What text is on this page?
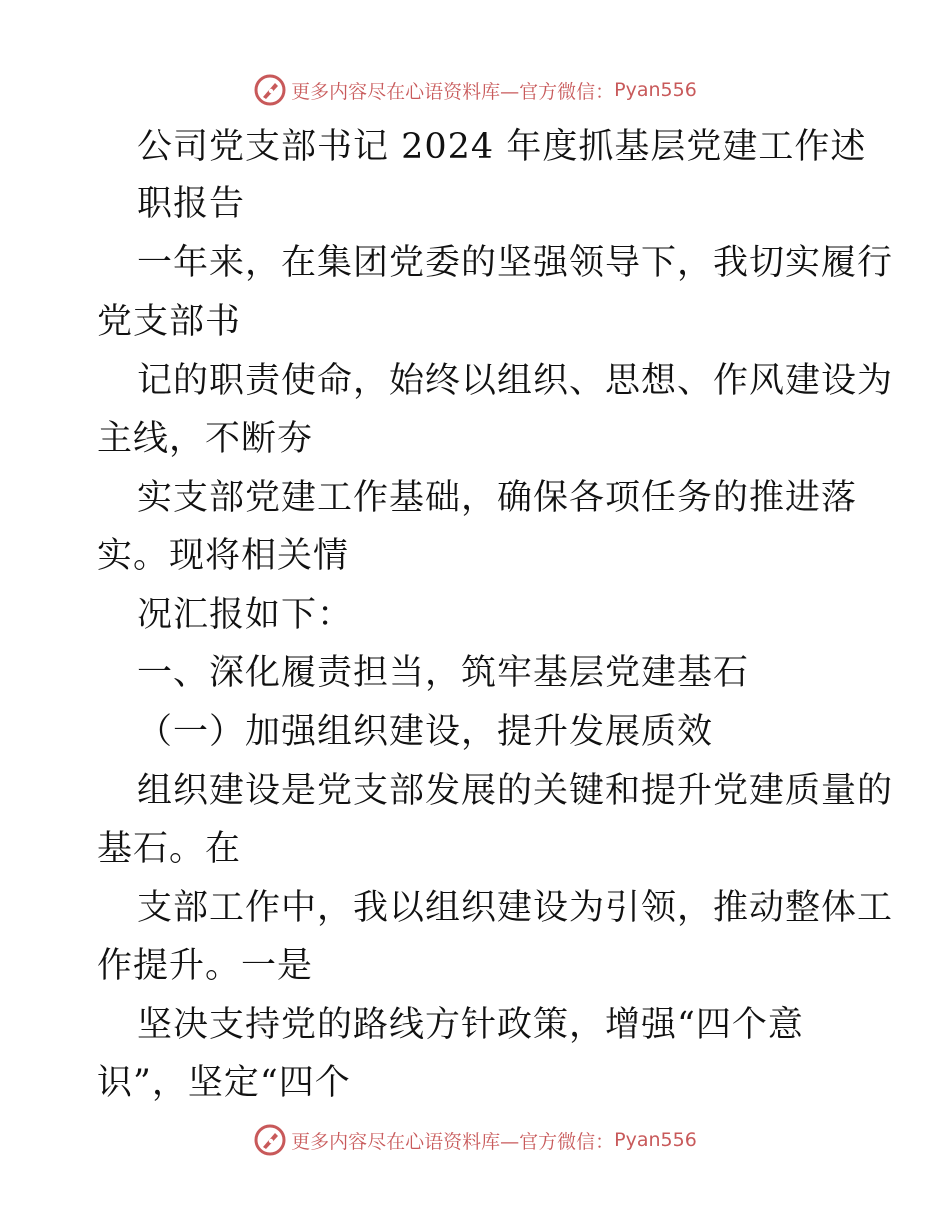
更多内容尽在心语资料库—官方微信： Pyan556
公司党支部书记 2024 年度抓基层党建工作述
职报告
一年来，在集团党委的坚强领导下，我切实履行
党支部书
记的职责使命，始终以组织、思想、作风建设为
主线，不断夯
实支部党建工作基础，确保各项任务的推进落
实。现将相关情
况汇报如下：
一、深化履责担当，筑牢基层党建基石
（一）加强组织建设，提升发展质效
组织建设是党支部发展的关键和提升党建质量的
基石。在
支部工作中，我以组织建设为引领，推动整体工
作提升。一是
坚决支持党的路线方针政策，增强“四个意
识”，坚定“四个
更多内容尽在心语资料库—官方微信： Pyan556
